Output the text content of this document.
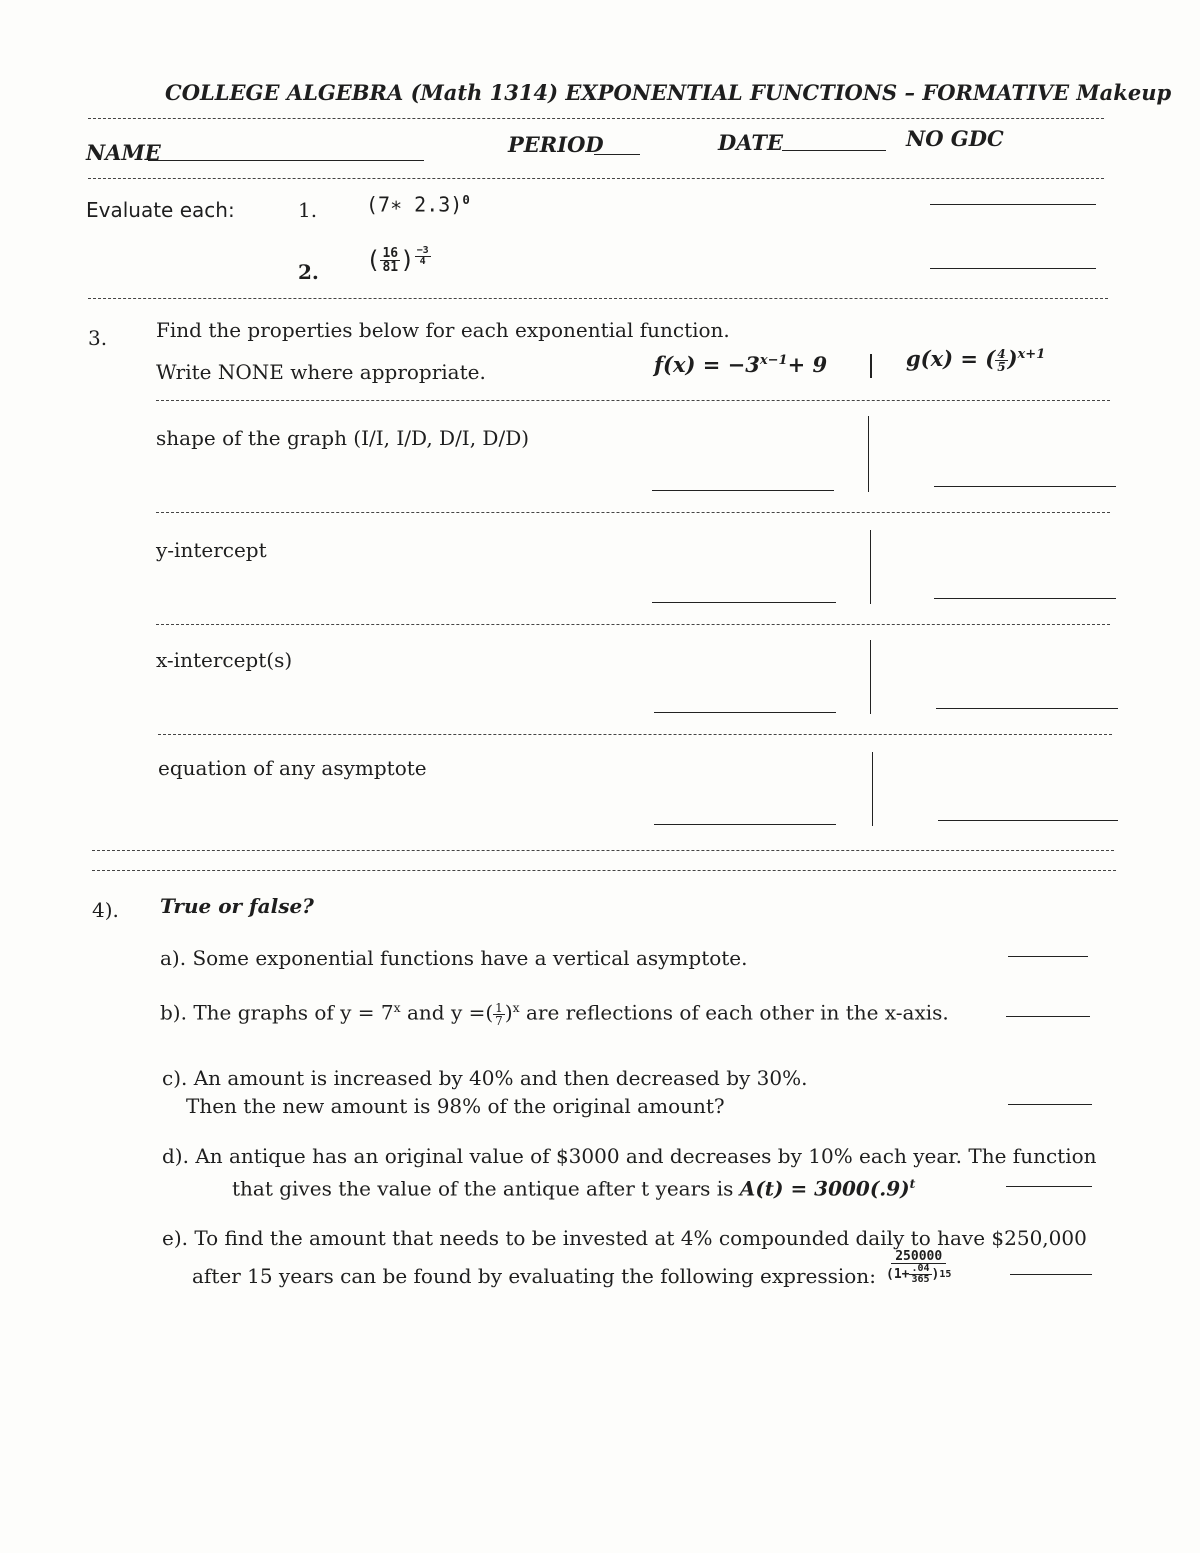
COLLEGE ALGEBRA (Math 1314) EXPONENTIAL FUNCTIONS – FORMATIVE Makeup
NAME	PERIOD	DATE	NO GDC
Evaluate each:	1. (7∗ 2.3)$^0$
2. ( $\frac{16}{81}$ ) $\frac{-3}{4}$
3. Find the properties below for each exponential function.
Write NONE where appropriate.	$f(x) = -3^{x-1}+ 9$	g(x) = ( $\frac{4}{5} )^{x+1}$
shape of the graph (I/I, I/D, D/I, D/D)
y-intercept
x-intercept(s)
equation of any asymptote
4). True or false?
a). Some exponential functions have a vertical asymptote.
b). The graphs of $y = 7^x$ and y =( $\frac{1}{7} )^x$ are reflections of each other in the x-axis.
c). An amount is increased by 40% and then decreased by 30%.
Then the new amount is 98% of the original amount?
d). An antique has an original value of $3000 and decreases by 10% each year. The function
that gives the value of the antique after t years is $A(t) = 3000(.9)^t$
e). To find the amount that needs to be invested at 4% compounded daily to have $250,000
after 15 years can be found by evaluating the following expression: $\frac{250000}{(1+ \frac{.04}{365} ) 15}$
